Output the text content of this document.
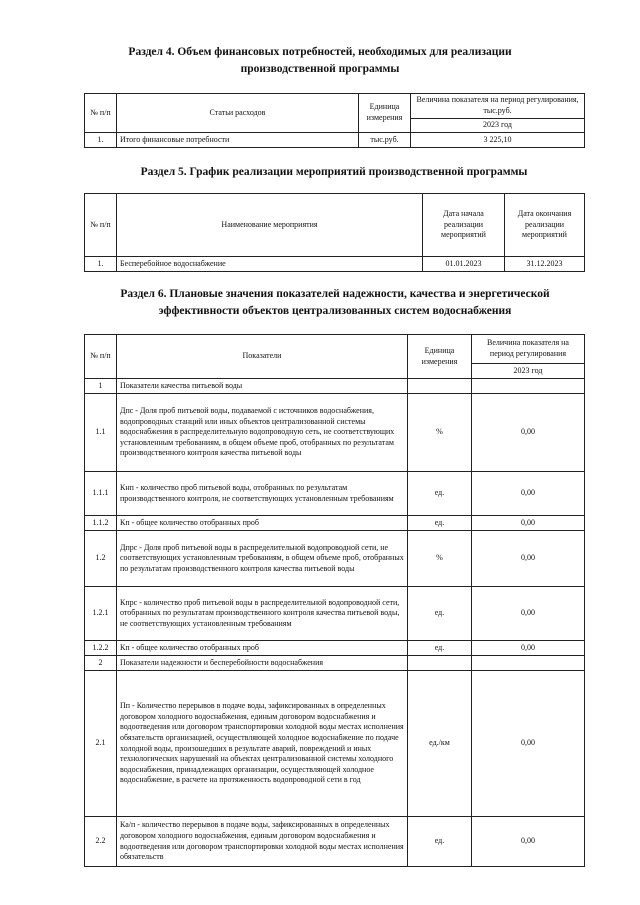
Раздел 4. Объем финансовых потребностей, необходимых для реализации производственной программы
№ п/п	Статьи расходов	Единица измерения	Величина показателя на период регулирования, тыс.руб.
			2023 год
1.	Итого финансовые потребности	тыс.руб.	3 225,10
Раздел 5. График реализации мероприятий производственной программы
№ п/п	Наименование мероприятия	Дата начала реализации мероприятий	Дата окончания реализации мероприятий
1.	Бесперебойное водоснабжение	01.01.2023	31.12.2023
Раздел 6. Плановые значения показателей надежности, качества и энергетической эффективности объектов централизованных систем водоснабжения
№ п/п	Показатели	Единица измерения	Величина показателя на период регулирования
			2023 год
1	Показатели качества питьевой воды		
1.1	Дпс - Доля проб питьевой воды, подаваемой с источников водоснабжения, водопроводных станций или иных объектов централизованной системы водоснабжения в распределительную водопроводную сеть, не соответствующих установленным требованиям, в общем объеме проб, отобранных по результатам производственного контроля качества питьевой воды	%	0,00
1.1.1	Кнп - количество проб питьевой воды, отобранных по результатам производственного контроля, не соответствующих установленным требованиям	ед.	0,00
1.1.2	Кп - общее количество отобранных проб	ед.	0,00
1.2	Дпрс - Доля проб питьевой воды в распределительной водопроводной сети, не соответствующих установленным требованиям, в общем объеме проб, отобранных по результатам производственного контроля качества питьевой воды	%	0,00
1.2.1	Кпрс - количество проб питьевой воды в распределительной водопроводной сети, отобранных по результатам производственного контроля качества питьевой воды, не соответствующих установленным требованиям	ед.	0,00
1.2.2	Кп - общее количество отобранных проб	ед.	0,00
2	Показатели надежности и бесперебойности водоснабжения		
2.1	Пп - Количество перерывов в подаче воды, зафиксированных в определенных договором холодного водоснабжения, единым договором водоснабжения и водоотведения или договором транспортировки холодной воды местах исполнения обязательств организацией, осуществляющей холодное водоснабжение по подаче холодной воды, произошедших в результате аварий, повреждений и иных технологических нарушений на объектах централизованной системы холодного водоснабжения, принадлежащих организации, осуществляющей холодное водоснабжение, в расчете на протяженность водопроводной сети в год	ед./км	0,00
2.2	Ка/п - количество перерывов в подаче воды, зафиксированных в определенных договором холодного водоснабжения, единым договором водоснабжения и водоотведения или договором транспортировки холодной воды местах исполнения обязательств	ед.	0,00
